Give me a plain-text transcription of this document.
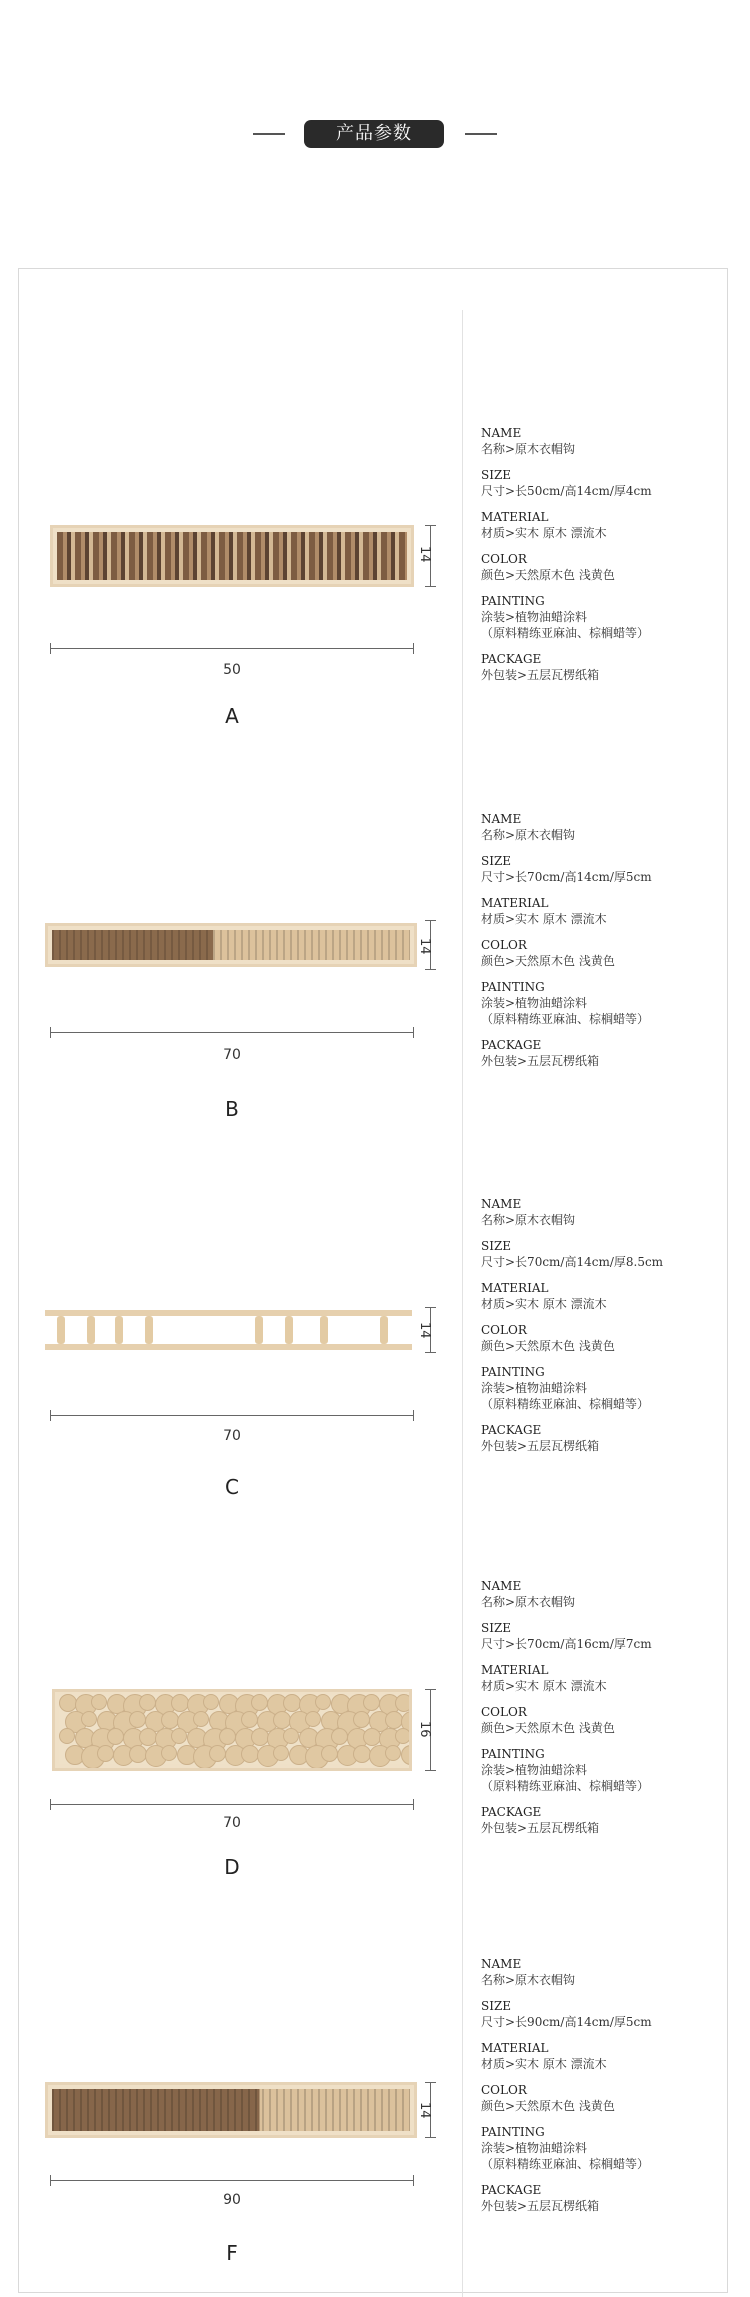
产品参数
14
50
A
NAME
名称>原木衣帽钩
SIZE
尺寸>长50cm/高14cm/厚4cm
MATERIAL
材质>实木 原木 漂流木
COLOR
颜色>天然原木色 浅黄色
PAINTING
涂装>植物油蜡涂料
（原料精练亚麻油、棕榈蜡等）
PACKAGE
外包装>五层瓦楞纸箱
14
70
B
NAME
名称>原木衣帽钩
SIZE
尺寸>长70cm/高14cm/厚5cm
MATERIAL
材质>实木 原木 漂流木
COLOR
颜色>天然原木色 浅黄色
PAINTING
涂装>植物油蜡涂料
（原料精练亚麻油、棕榈蜡等）
PACKAGE
外包装>五层瓦楞纸箱
14
70
C
NAME
名称>原木衣帽钩
SIZE
尺寸>长70cm/高14cm/厚8.5cm
MATERIAL
材质>实木 原木 漂流木
COLOR
颜色>天然原木色 浅黄色
PAINTING
涂装>植物油蜡涂料
（原料精练亚麻油、棕榈蜡等）
PACKAGE
外包装>五层瓦楞纸箱
16
70
D
NAME
名称>原木衣帽钩
SIZE
尺寸>长70cm/高16cm/厚7cm
MATERIAL
材质>实木 原木 漂流木
COLOR
颜色>天然原木色 浅黄色
PAINTING
涂装>植物油蜡涂料
（原料精练亚麻油、棕榈蜡等）
PACKAGE
外包装>五层瓦楞纸箱
14
90
F
NAME
名称>原木衣帽钩
SIZE
尺寸>长90cm/高14cm/厚5cm
MATERIAL
材质>实木 原木 漂流木
COLOR
颜色>天然原木色 浅黄色
PAINTING
涂装>植物油蜡涂料
（原料精练亚麻油、棕榈蜡等）
PACKAGE
外包装>五层瓦楞纸箱
